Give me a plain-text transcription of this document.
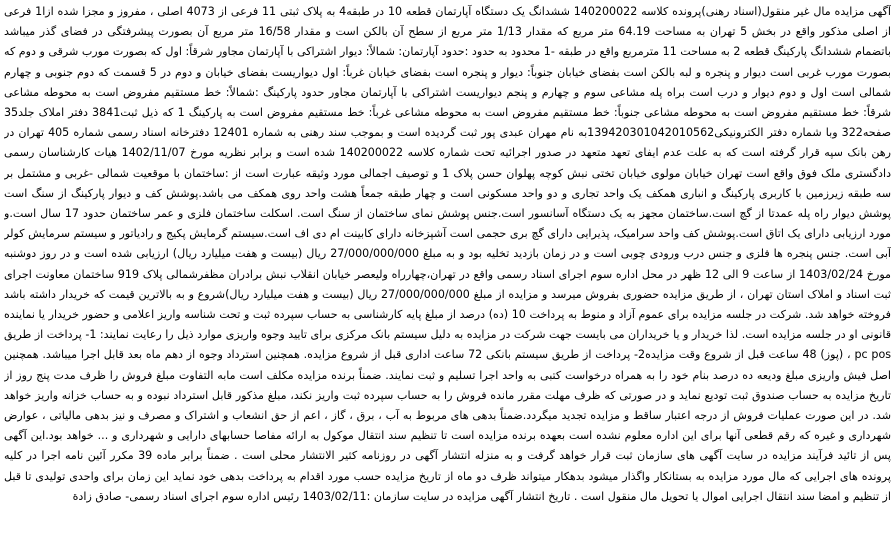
آگهی مزایده مال غیر منقول(اسناد رهنی)پرونده کلاسه 140200022 ششدانگ یک دستگاه آپارتمان قطعه 10 در طبقه4 به پلاک ثبتی 11 فرعی از 4073 اصلی ، مفروز و مجزا شده ازا1 فرعی از اصلی مذکور واقع در بخش 5 تهران به مساحت 64.19 متر مربع که مقدار 1/13 متر مربع از سطح آن بالکن است و مقدار 16/58 متر مربع آن بصورت پیشرفتگی در فضای گذر میباشد باتضمام ششدانگ پارکینگ قطعه 2 به مساحت 11 مترمربع واقع در طبقه -1 محدود به حدود :حدود آپارتمان: شمالاً: دیوار اشتراکی با آپارتمان مجاور شرقاً: اول که بصورت مورب شرقی و دوم که بصورت مورب غربی است دیوار و پنجره و لبه بالکن است بفضای خیابان جنوباً: دیوار و پنجره است بفضای خیابان غرباً: اول دیواریست بفضای خیابان و دوم در 5 قسمت که دوم جنوبی و چهارم شمالی است اول و دوم دیوار و درب است براه پله مشاعی سوم و چهارم و پنجم دیواریست اشتراکی با آپارتمان مجاور حدود پارکینگ :شمالاً: خط مستقیم مفروض است به محوطه مشاعی شرقاً: خط مستقیم مفروض است به محوطه مشاعی جنوباً: خط مستقیم مفروض است به محوطه مشاعی غرباً: خط مستقیم مفروض است به پارکینگ 1 که ذیل ثبت3841 دفتر املاک جلد35 صفحه322 وبا شماره دفتر الکترونیکی139420301042010562به نام مهران عبدی پور ثبت گردیده است و بموجب سند رهنی به شماره 12401 دفترخانه اسناد رسمی شماره 405 تهران در رهن بانک سپه قرار گرفته است که به علت عدم ایفای تعهد متعهد در صدور اجرائیه تحت شماره کلاسه 140200022 شده است و برابر نظریه مورخ 1402/11/07 هیات کارشناسان رسمی دادگستری ملک فوق واقع است تهران خیابان مولوی خیابان تختی نبش کوچه پهلوان حسن پلاک 1 و توصیف اجمالی مورد وثیقه عبارت است از :ساختمان با موقعیت شمالی -غربی و مشتمل بر سه طبقه زیرزمین با کاربری پارکینگ و انباری همکف یک واحد تجاری و دو واحد مسکونی است و چهار طبقه جمعاً هشت واحد روی همکف می باشد.پوشش کف و دیوار پارکینگ از سنگ است پوشش دیوار راه پله عمدتا از گچ است.ساختمان مجهز به یک دستگاه آسانسور است.جنس پوشش نمای ساختمان از سنگ است. اسکلت ساختمان فلزی و عمر ساختمان حدود 17 سال است.و مورد ارزیابی دارای یک اتاق است.پوشش کف واحد سرامیک، پذیرایی دارای گچ بری حجمی است آشپزخانه دارای کابینت ام دی اف است.سیستم گرمایش پکیج و رادیاتور و سیستم سرمایش کولر آبی است. جنس پنجره ها فلزی و جنس درب ورودی چوبی است و در زمان بازدید تخلیه بود و به مبلغ 27/000/000/000 ریال (بیست و هفت میلیارد ریال) ارزیابی شده است و در روز دوشنبه مورخ 1403/02/24 از ساعت 9 الی 12 ظهر در محل اداره سوم اجرای اسناد رسمی واقع در تهران،چهارراه ولیعصر خیابان انقلاب نبش برادران مظفرشمالی پلاک 919 ساختمان معاونت اجرای ثبت اسناد و املاک استان تهران ، از طریق مزایده حضوری بفروش میرسد و مزایده از مبلغ 27/000/000/000 ریال (بیست و هفت میلیارد ریال)شروع و به بالاترین قیمت که خریدار داشته باشد فروخته خواهد شد. شرکت در جلسه مزایده برای عموم آزاد و منوط به پرداخت 10 (ده) درصد از مبلغ پایه کارشناسی به حساب سپرده ثبت و تحت شناسه واریز اعلامی و حضور خریدار یا نماینده قانونی او در جلسه مزایده است. لذا خریدار و یا خریداران می بایست جهت شرکت در مزایده به دلیل سیستم بانک مرکزی برای تایید وجوه واریزی موارد ذیل را رعایت نمایند: 1- پرداخت از طریق pc pos ، (پوز) 48 ساعت قبل از شروع وقت مزایده2- پرداخت از طریق سیستم بانکی 72 ساعت اداری قبل از شروع مزایده. همچنین استرداد وجوه از دهم ماه بعد قابل اجرا میباشد. همچنین اصل فیش واریزی مبلغ ودیعه ده درصد بنام خود را به همراه درخواست کتبی به واحد اجرا تسلیم و ثبت نمایند. ضمناً برنده مزایده مکلف است مابه التفاوت مبلغ فروش را ظرف مدت پنج روز از تاریخ مزایده به حساب صندوق ثبت تودیع نماید و در صورتی که ظرف مهلت مقرر مانده فروش را به حساب سپرده ثبت واریز نکند، مبلغ مذکور قابل استرداد نبوده و به حساب خزانه واریز خواهد شد. در این صورت عملیات فروش از درجه اعتبار ساقط و مزایده تجدید میگردد.ضمناً بدهی های مربوط به آب ، برق ، گاز ، اعم از حق انشعاب و اشتراک و مصرف و نیز بدهی مالیاتی ، عوارض شهرداری و غیره که رقم قطعی آنها برای این اداره معلوم نشده است بعهده برنده مزایده است تا تنظیم سند انتقال موکول به ارائه مفاصا حسابهای دارایی و شهرداری و ... خواهد بود.این آگهی پس از تائید فرآیند مزایده در سایت آگهی های سازمان ثبت قرار خواهد گرفت و به منزله انتشار آگهی در روزنامه کثیر الانتشار محلی است . ضمناً برابر ماده 39 مکرر آئین نامه اجرا در کلیه پرونده های اجرایی که مال مورد مزایده به بستانکار واگذار میشود بدهکار میتواند ظرف دو ماه از تاریخ مزایده حسب مورد اقدام به پرداخت بدهی خود نماید این زمان برای واحدی تولیدی تا قبل از تنظیم و امضا سند انتقال اجرایی اموال یا تحویل مال منقول است . تاریخ انتشار آگهی مزایده در سایت سازمان :1403/02/11 رئیس اداره سوم اجرای اسناد رسمی- صادق زادة
